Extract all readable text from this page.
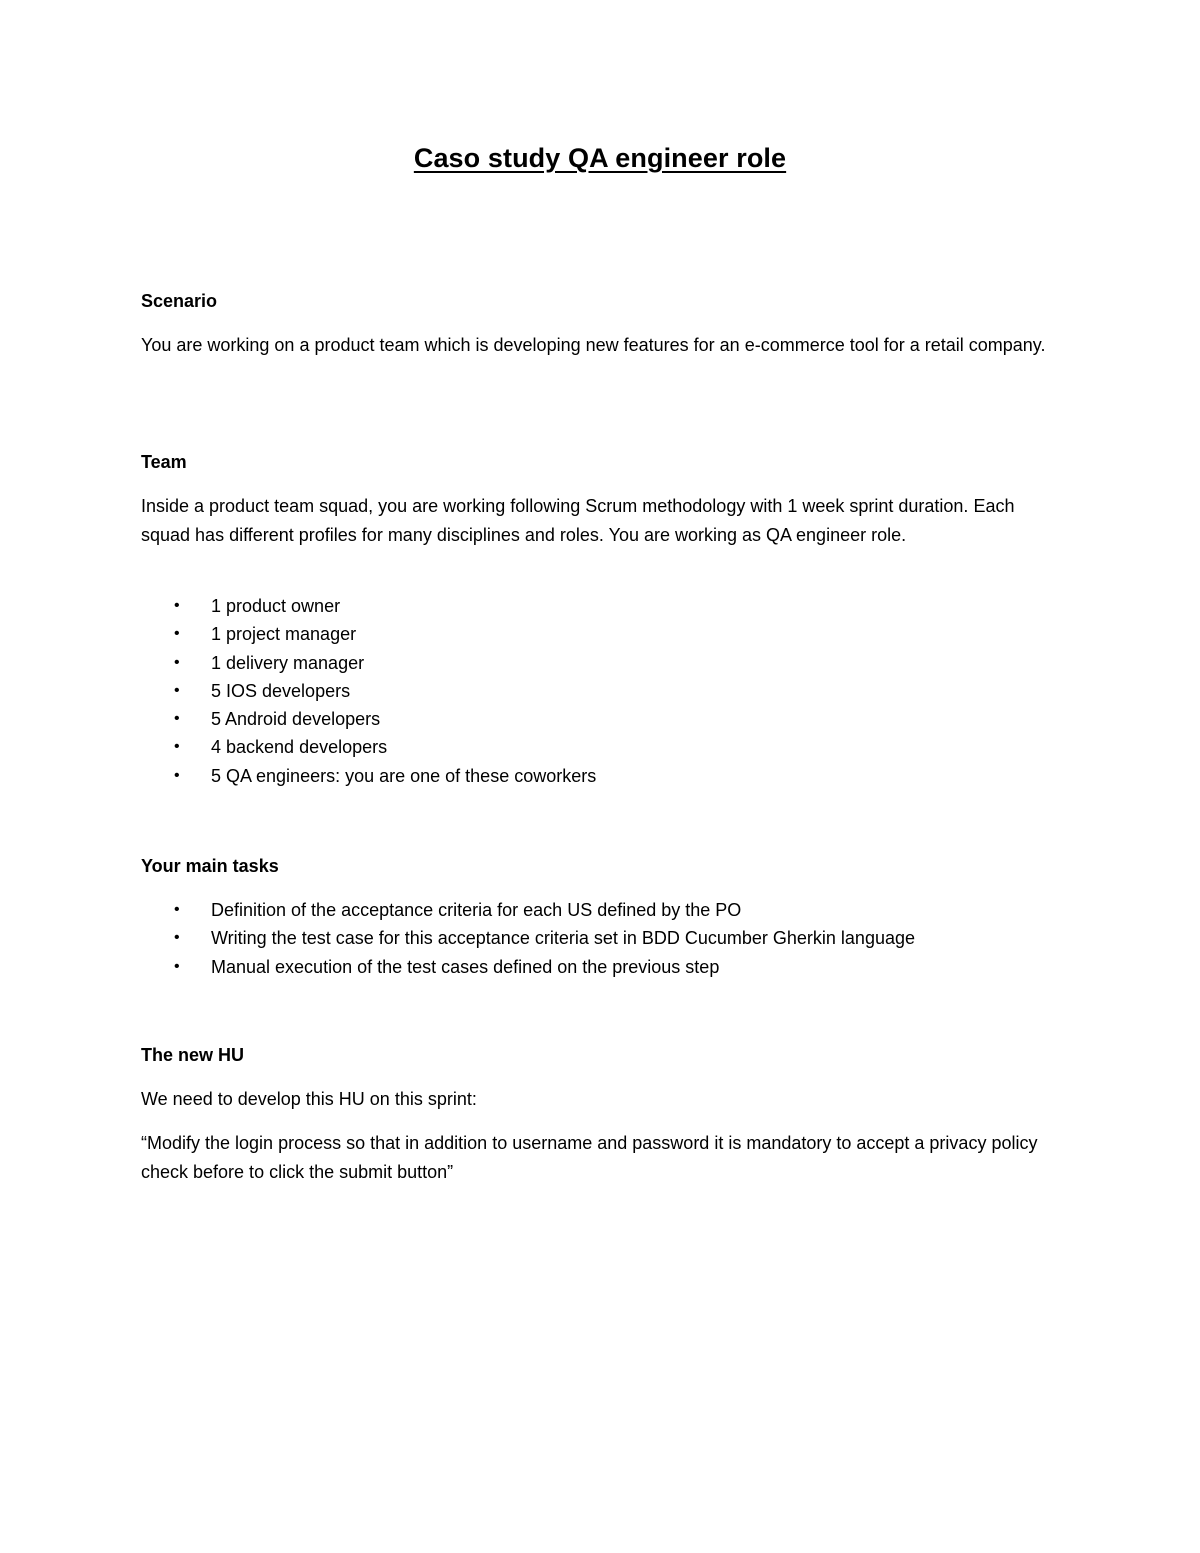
Caso study QA engineer role
Scenario
You are working on a product team which is developing new features for an e-commerce tool for a retail company.
Team
Inside a product team squad, you are working following Scrum methodology with 1 week sprint duration. Each squad has different profiles for many disciplines and roles. You are working as QA engineer role.
• 1 product owner
• 1 project manager
• 1 delivery manager
• 5 IOS developers
• 5 Android developers
• 4 backend developers
• 5 QA engineers: you are one of these coworkers
Your main tasks
• Definition of the acceptance criteria for each US defined by the PO
• Writing the test case for this acceptance criteria set in BDD Cucumber Gherkin language
• Manual execution of the test cases defined on the previous step
The new HU
We need to develop this HU on this sprint:
“Modify the login process so that in addition to username and password it is mandatory to accept a privacy policy check before to click the submit button”
